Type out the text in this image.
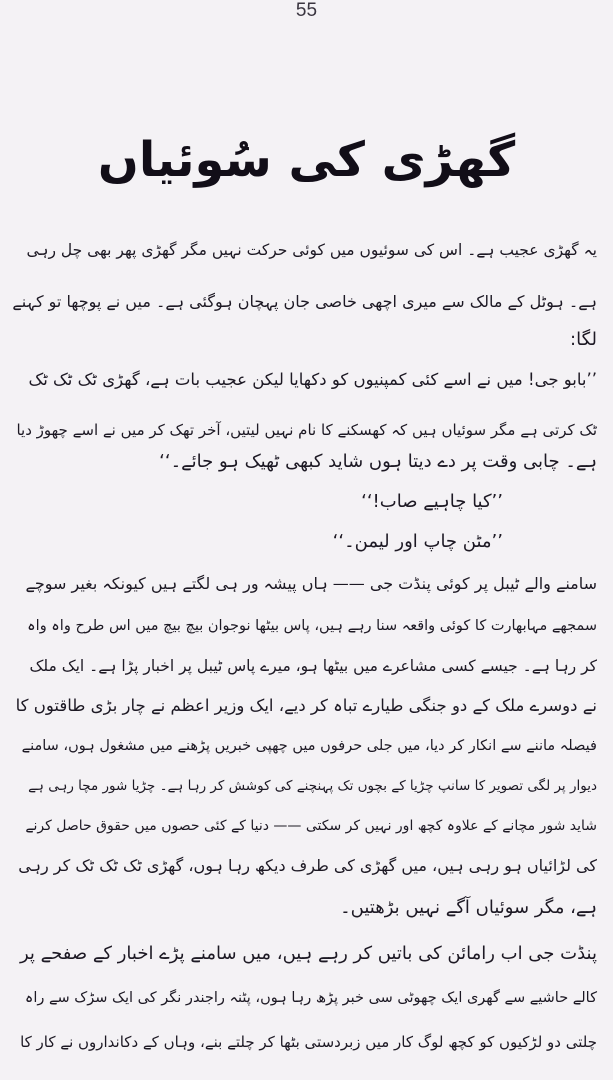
55
گھڑی کی سُوئیاں
یہ گھڑی عجیب ہے۔ اس کی سوئیوں میں کوئی حرکت نہیں مگر گھڑی پھر بھی چل رہی
ہے۔ ہوٹل کے مالک سے میری اچھی خاصی جان پہچان ہوگئی ہے۔ میں نے پوچھا تو کہنے
لگا:
’’بابو جی! میں نے اسے کئی کمپنیوں کو دکھایا لیکن عجیب بات ہے، گھڑی ٹک ٹک ٹک
ٹک کرتی ہے مگر سوئیاں ہیں کہ کھسکنے کا نام نہیں لیتیں، آخر تھک کر میں نے اسے چھوڑ دیا
ہے۔ چابی وقت پر دے دیتا ہوں شاید کبھی ٹھیک ہو جائے۔‘‘
’’کیا چاہیے صاب!‘‘
’’مٹن چاپ اور لیمن۔‘‘
سامنے والے ٹیبل پر کوئی پنڈت جی —— ہاں پیشہ ور ہی لگتے ہیں کیونکہ بغیر سوچے
سمجھے مہابھارت کا کوئی واقعہ سنا رہے ہیں، پاس بیٹھا نوجوان بیچ بیچ میں اس طرح واہ واہ
کر رہا ہے۔ جیسے کسی مشاعرے میں بیٹھا ہو، میرے پاس ٹیبل پر اخبار پڑا ہے۔ ایک ملک
نے دوسرے ملک کے دو جنگی طیارے تباہ کر دیے، ایک وزیر اعظم نے چار بڑی طاقتوں کا
فیصلہ ماننے سے انکار کر دیا، میں جلی حرفوں میں چھپی خبریں پڑھنے میں مشغول ہوں، سامنے
دیوار پر لگی تصویر کا سانپ چڑیا کے بچوں تک پہنچنے کی کوشش کر رہا ہے۔ چڑیا شور مچا رہی ہے
شاید شور مچانے کے علاوہ کچھ اور نہیں کر سکتی —— دنیا کے کئی حصوں میں حقوق حاصل کرنے
کی لڑائیاں ہو رہی ہیں، میں گھڑی کی طرف دیکھ رہا ہوں، گھڑی ٹک ٹک ٹک کر رہی
ہے، مگر سوئیاں آگے نہیں بڑھتیں۔
پنڈت جی اب رامائن کی باتیں کر رہے ہیں، میں سامنے پڑے اخبار کے صفحے پر
کالے حاشیے سے گھری ایک چھوٹی سی خبر پڑھ رہا ہوں، پٹنہ راجندر نگر کی ایک سڑک سے راہ
چلتی دو لڑکیوں کو کچھ لوگ کار میں زبردستی بٹھا کر چلتے بنے، وہاں کے دکانداروں نے کار کا
